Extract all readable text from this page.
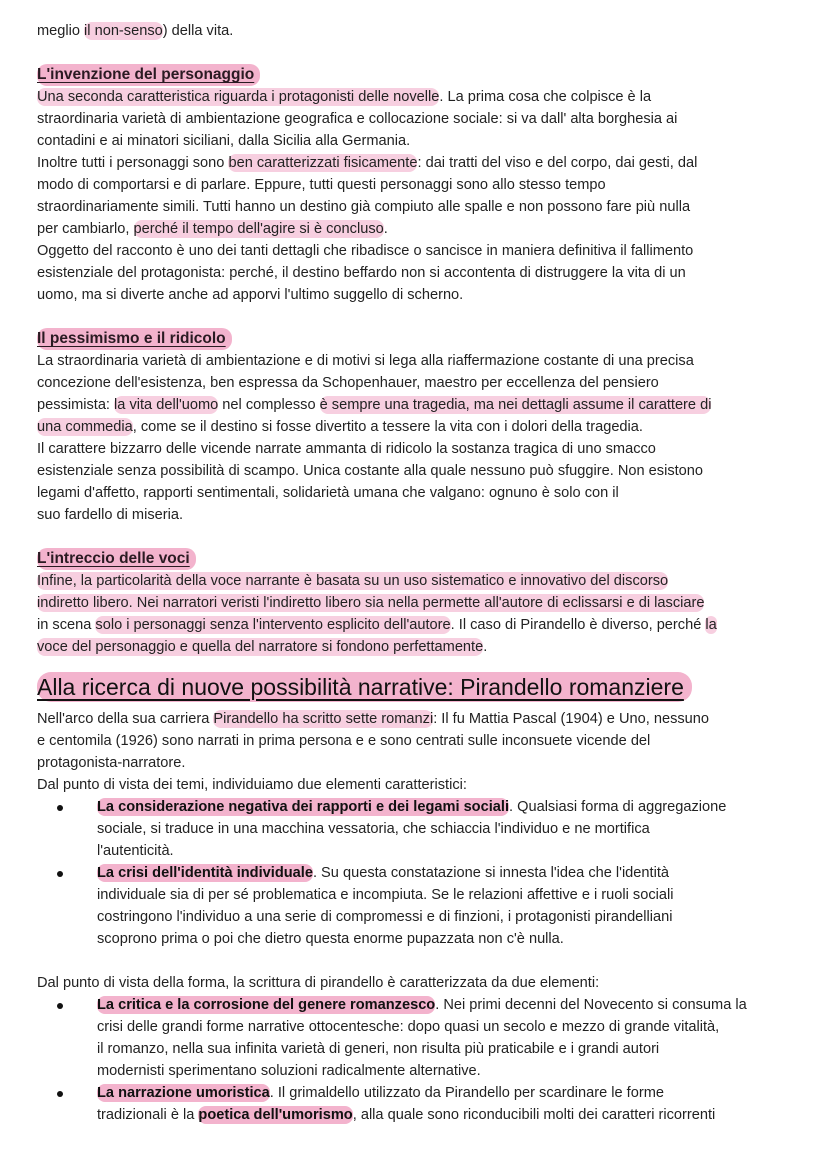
meglio il non-senso) della vita.
L'invenzione del personaggio
Una seconda caratteristica riguarda i protagonisti delle novelle. La prima cosa che colpisce è la
straordinaria varietà di ambientazione geografica e collocazione sociale: si va dall' alta borghesia ai
contadini e ai minatori siciliani, dalla Sicilia alla Germania.
Inoltre tutti i personaggi sono ben caratterizzati fisicamente: dai tratti del viso e del corpo, dai gesti, dal
modo di comportarsi e di parlare. Eppure, tutti questi personaggi sono allo stesso tempo
straordinariamente simili. Tutti hanno un destino già compiuto alle spalle e non possono fare più nulla
per cambiarlo, perché il tempo dell'agire si è concluso.
Oggetto del racconto è uno dei tanti dettagli che ribadisce o sancisce in maniera definitiva il fallimento
esistenziale del protagonista: perché, il destino beffardo non si accontenta di distruggere la vita di un
uomo, ma si diverte anche ad apporvi l'ultimo suggello di scherno.
Il pessimismo e il ridicolo
La straordinaria varietà di ambientazione e di motivi si lega alla riaffermazione costante di una precisa
concezione dell'esistenza, ben espressa da Schopenhauer, maestro per eccellenza del pensiero
pessimista: la vita dell'uomo nel complesso è sempre una tragedia, ma nei dettagli assume il carattere di
una commedia, come se il destino si fosse divertito a tessere la vita con i dolori della tragedia.
Il carattere bizzarro delle vicende narrate ammanta di ridicolo la sostanza tragica di uno smacco
esistenziale senza possibilità di scampo. Unica costante alla quale nessuno può sfuggire. Non esistono
legami d'affetto, rapporti sentimentali, solidarietà umana che valgano: ognuno è solo con il
suo fardello di miseria.
L'intreccio delle voci
Infine, la particolarità della voce narrante è basata su un uso sistematico e innovativo del discorso
indiretto libero. Nei narratori veristi l'indiretto libero sia nella permette all'autore di eclissarsi e di lasciare
in scena solo i personaggi senza l'intervento esplicito dell'autore. Il caso di Pirandello è diverso, perché la
voce del personaggio e quella del narratore si fondono perfettamente.
Alla ricerca di nuove possibilità narrative: Pirandello romanziere
Nell'arco della sua carriera Pirandello ha scritto sette romanzi: Il fu Mattia Pascal (1904) e Uno, nessuno
e centomila (1926) sono narrati in prima persona e e sono centrati sulle inconsuete vicende del
protagonista-narratore.
Dal punto di vista dei temi, individuiamo due elementi caratteristici:
La considerazione negativa dei rapporti e dei legami sociali. Qualsiasi forma di aggregazione
sociale, si traduce in una macchina vessatoria, che schiaccia l'individuo e ne mortifica
l'autenticità.
La crisi dell'identità individuale. Su questa constatazione si innesta l'idea che l'identità
individuale sia di per sé problematica e incompiuta. Se le relazioni affettive e i ruoli sociali
costringono l'individuo a una serie di compromessi e di finzioni, i protagonisti pirandelliani
scoprono prima o poi che dietro questa enorme pupazzata non c'è nulla.
Dal punto di vista della forma, la scrittura di pirandello è caratterizzata da due elementi:
La critica e la corrosione del genere romanzesco. Nei primi decenni del Novecento si consuma la
crisi delle grandi forme narrative ottocentesche: dopo quasi un secolo e mezzo di grande vitalità,
il romanzo, nella sua infinita varietà di generi, non risulta più praticabile e i grandi autori
modernisti sperimentano soluzioni radicalmente alternative.
La narrazione umoristica. Il grimaldello utilizzato da Pirandello per scardinare le forme
tradizionali è la poetica dell'umorismo, alla quale sono riconducibili molti dei caratteri ricorrenti
